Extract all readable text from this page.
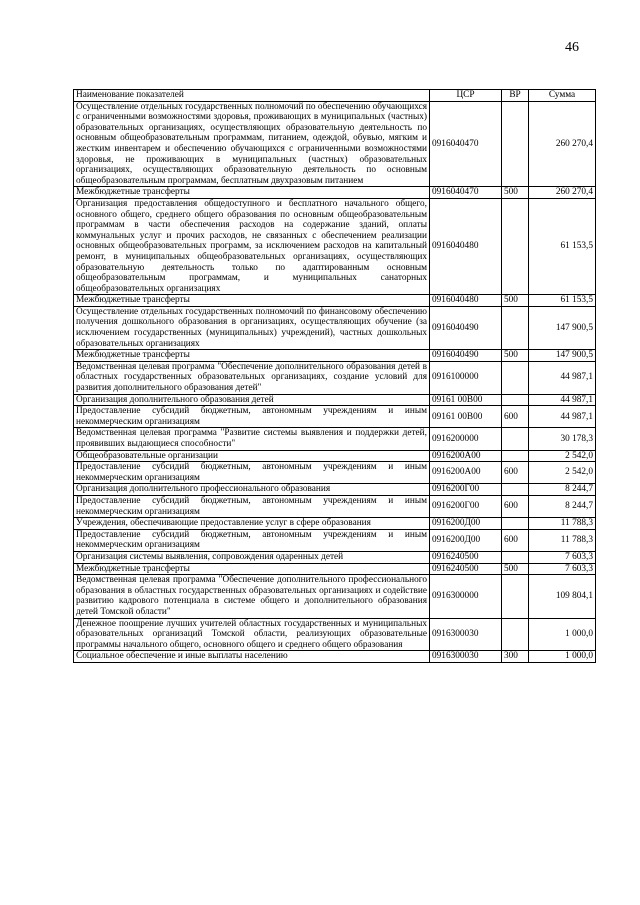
46
Наименование показателей	ЦСР	ВР	Сумма
Осуществление отдельных государственных полномочий по обеспечению обучающихся с ограниченными возможностями здоровья, проживающих в муниципальных (частных) образовательных организациях, осуществляющих образовательную деятельность по основным общеобразовательным программам, питанием, одеждой, обувью, мягким и жестким инвентарем и обеспечению обучающихся с ограниченными возможностями здоровья, не проживающих в муниципальных (частных) образовательных организациях, осуществляющих образовательную деятельность по основным общеобразовательным программам, бесплатным двухразовым питанием	0916040470		260 270,4
Межбюджетные трансферты	0916040470	500	260 270,4
Организация предоставления общедоступного и бесплатного начального общего, основного общего, среднего общего образования по основным общеобразовательным программам в части обеспечения расходов на содержание зданий, оплаты коммунальных услуг и прочих расходов, не связанных с обеспечением реализации основных общеобразовательных программ, за исключением расходов на капитальный ремонт, в муниципальных общеобразовательных организациях, осуществляющих образовательную деятельность только по адаптированным основным общеобразовательным программам, и муниципальных санаторных общеобразовательных организациях	0916040480		61 153,5
Межбюджетные трансферты	0916040480	500	61 153,5
Осуществление отдельных государственных полномочий по финансовому обеспечению получения дошкольного образования в организациях, осуществляющих обучение (за исключением государственных (муниципальных) учреждений), частных дошкольных образовательных организациях	0916040490		147 900,5
Межбюджетные трансферты	0916040490	500	147 900,5
Ведомственная целевая программа "Обеспечение дополнительного образования детей в областных государственных образовательных организациях, создание условий для развития дополнительного образования детей"	0916100000		44 987,1
Организация дополнительного образования детей	09161 00В00		44 987,1
Предоставление субсидий бюджетным, автономным учреждениям и иным некоммерческим организациям	09161 00В00	600	44 987,1
Ведомственная целевая программа "Развитие системы выявления и поддержки детей, проявивших выдающиеся способности"	0916200000		30 178,3
Общеобразовательные организации	0916200А00		2 542,0
Предоставление субсидий бюджетным, автономным учреждениям и иным некоммерческим организациям	0916200А00	600	2 542,0
Организация дополнительного профессионального образования	0916200Г00		8 244,7
Предоставление субсидий бюджетным, автономным учреждениям и иным некоммерческим организациям	0916200Г00	600	8 244,7
Учреждения, обеспечивающие предоставление услуг в сфере образования	0916200Д00		11 788,3
Предоставление субсидий бюджетным, автономным учреждениям и иным некоммерческим организациям	0916200Д00	600	11 788,3
Организация системы выявления, сопровождения одаренных детей	0916240500		7 603,3
Межбюджетные трансферты	0916240500	500	7 603,3
Ведомственная целевая программа "Обеспечение дополнительного профессионального образования в областных государственных образовательных организациях и содействие развитию кадрового потенциала в системе общего и дополнительного образования детей Томской области"	0916300000		109 804,1
Денежное поощрение лучших учителей областных государственных и муниципальных образовательных организаций Томской области, реализующих образовательные программы начального общего, основного общего и среднего общего образования	0916300030		1 000,0
Социальное обеспечение и иные выплаты населению	0916300030	300	1 000,0
